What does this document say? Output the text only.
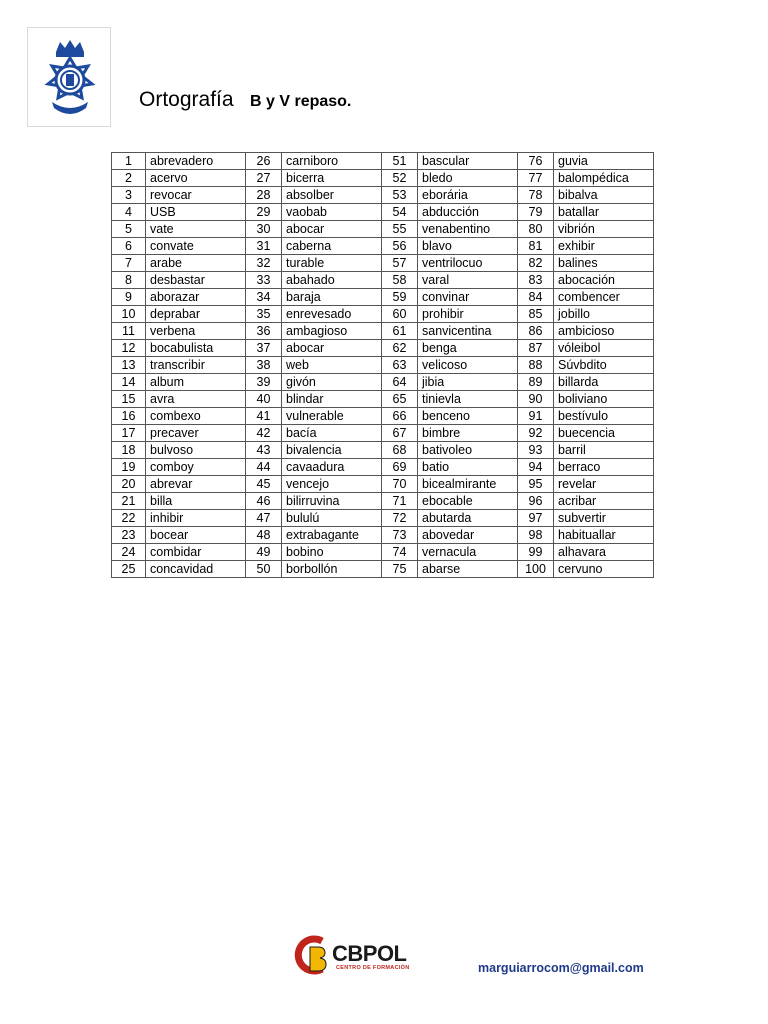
Ortografía B y V repaso.
1	abrevadero	26	carniboro	51	bascular	76	guvia
2	acervo	27	bicerra	52	bledo	77	balompédica
3	revocar	28	absolber	53	eborária	78	bibalva
4	USB	29	vaobab	54	abducción	79	batallar
5	vate	30	abocar	55	venabentino	80	vibrión
6	convate	31	caberna	56	blavo	81	exhibir
7	arabe	32	turable	57	ventrilocuo	82	balines
8	desbastar	33	abahado	58	varal	83	abocación
9	aborazar	34	baraja	59	convinar	84	combencer
10	deprabar	35	enrevesado	60	prohibir	85	jobillo
11	verbena	36	ambagioso	61	sanvicentina	86	ambicioso
12	bocabulista	37	abocar	62	benga	87	vóleibol
13	transcribir	38	web	63	velicoso	88	Súvbdito
14	album	39	givón	64	jibia	89	billarda
15	avra	40	blindar	65	tinievla	90	boliviano
16	combexo	41	vulnerable	66	benceno	91	bestívulo
17	precaver	42	bacía	67	bimbre	92	buecencia
18	bulvoso	43	bivalencia	68	bativoleo	93	barril
19	comboy	44	cavaadura	69	batio	94	berraco
20	abrevar	45	vencejo	70	bicealmirante	95	revelar
21	billa	46	bilirruvina	71	ebocable	96	acribar
22	inhibir	47	bululú	72	abutarda	97	subvertir
23	bocear	48	extrabagante	73	abovedar	98	habituallar
24	combidar	49	bobino	74	vernacula	99	alhavara
25	concavidad	50	borbollón	75	abarse	100	cervuno
CBPOL
CENTRO DE FORMACIÓN	marguiarrocom@gmail.com
